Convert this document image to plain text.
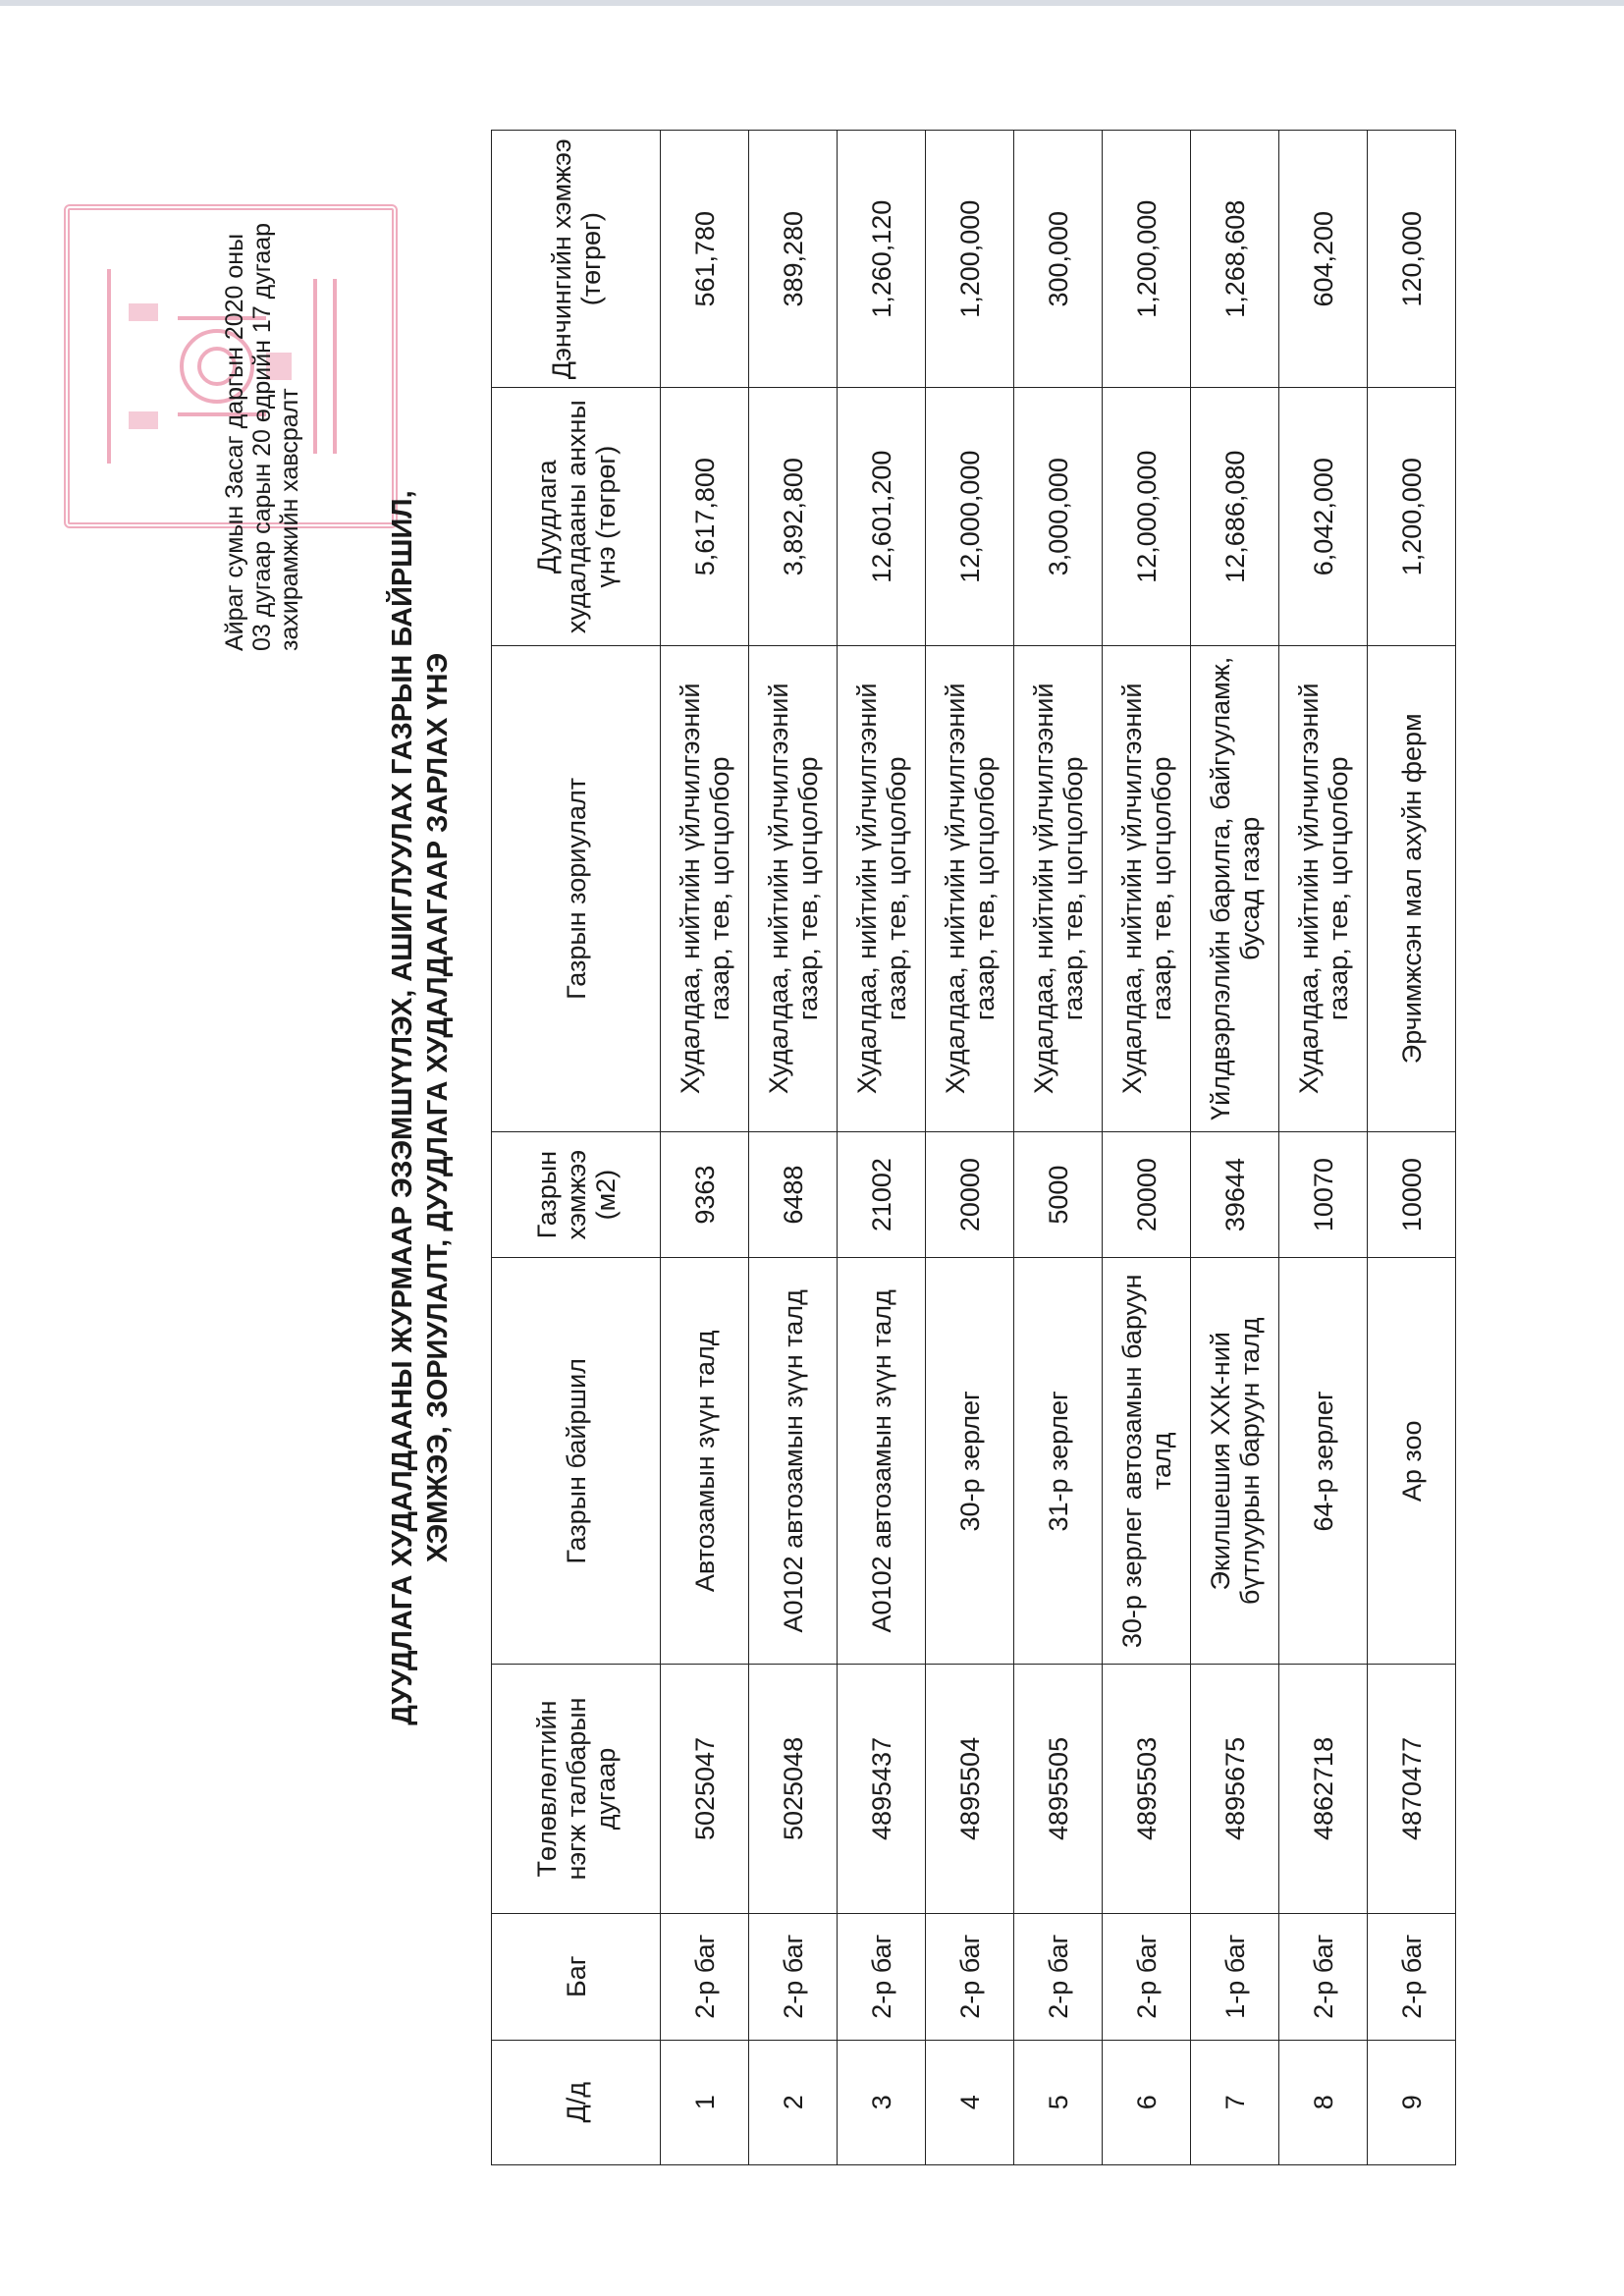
Айраг сумын Засаг даргын 2020 оны 03 дугаар сарын 20 өдрийн 17 дугаар захирамжийн хавсралт	ДУУДЛАГА ХУДАЛДААНЫ ЖУРМААР ЭЗЭМШҮҮЛЭХ, АШИГЛУУЛАХ ГАЗРЫН БАЙРШИЛ, ХЭМЖЭЭ, ЗОРИУЛАЛТ, ДУУДЛАГА ХУДАЛДААГААР ЗАРЛАХ ҮНЭ
Д/д	Баг	Төлөвлөлтийн нэгж талбарын дугаар	Газрын байршил	Газрын хэмжээ (м2)	Газрын зориулалт	Дуудлага худалдааны анхны үнэ (төгрөг)	Дэнчингийн хэмжээ (төгрөг)
1	2-р баг	5025047	Автозамын зүүн талд	9363	Худалдаа, нийтийн үйлчилгээний газар, тев, цогцолбор	5,617,800	561,780
2	2-р баг	5025048	А0102 автозамын зүүн талд	6488	Худалдаа, нийтийн үйлчилгээний газар, тев, цогцолбор	3,892,800	389,280
3	2-р баг	4895437	А0102 автозамын зүүн талд	21002	Худалдаа, нийтийн үйлчилгээний газар, тев, цогцолбор	12,601,200	1,260,120
4	2-р баг	4895504	30-р зерлег	20000	Худалдаа, нийтийн үйлчилгээний газар, тев, цогцолбор	12,000,000	1,200,000
5	2-р баг	4895505	31-р зерлег	5000	Худалдаа, нийтийн үйлчилгээний газар, тев, цогцолбор	3,000,000	300,000
6	2-р баг	4895503	30-р зерлег автозамын баруун талд	20000	Худалдаа, нийтийн үйлчилгээний газар, тев, цогцолбор	12,000,000	1,200,000
7	1-р баг	4895675	Экилшешия ХХК-ний бүтлуурын баруун талд	39644	Үйлдвэрлэлийн барилга, байгууламж, бусад газар	12,686,080	1,268,608
8	2-р баг	4862718	64-р зерлег	10070	Худалдаа, нийтийн үйлчилгээний газар, тев, цогцолбор	6,042,000	604,200
9	2-р баг	4870477	Ар зоо	10000	Эрчимжсэн мал ахуйн ферм	1,200,000	120,000
